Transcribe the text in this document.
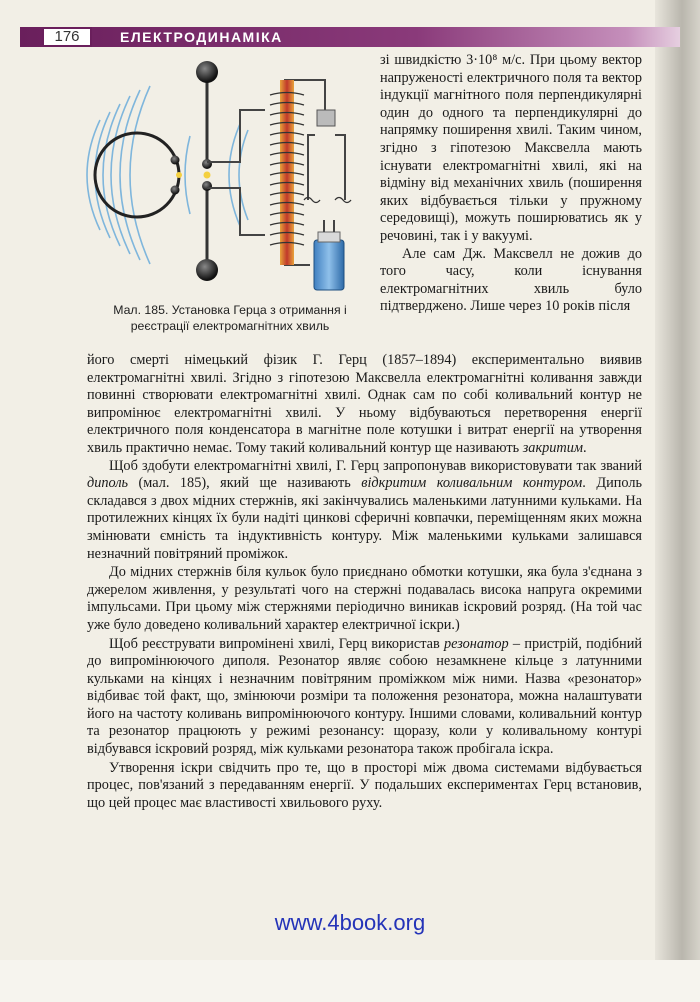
176	ЕЛЕКТРОДИНАМІКА
Мал. 185. Установка Герца з отримання і
реєстрації електромагнітних хвиль

зі швидкістю 3·10⁸ м/с. При цьому вектор напруженості електричного поля та вектор індукції магнітного поля перпендикулярні один до одного та перпендикулярні до напрямку поширення хвилі. Таким чином, згідно з гіпотезою Максвелла мають існувати електромагнітні хвилі, які на відміну від механічних хвиль (поширення яких відбувається тільки у пружному середовищі), можуть поширюватись як у речовині, так і у вакуумі.

Але сам Дж. Максвелл не дожив до того часу, коли існування електромагнітних хвиль було підтверджено. Лише через 10 років після

його смерті німецький фізик Г. Герц (1857–1894) експериментально виявив електромагнітні хвилі. Згідно з гіпотезою Максвелла електромагнітні коливання завжди повинні створювати електромагнітні хвилі. Однак сам по собі коливальний контур не випромінює електромагнітні хвилі. У ньому відбуваються перетворення енергії електричного поля конденсатора в магнітне поле котушки і витрат енергії на утворення хвиль практично немає. Тому такий коливальний контур ще називають закритим.

Щоб здобути електромагнітні хвилі, Г. Герц запропонував використовувати так званий диполь (мал. 185), який ще називають відкритим коливальним контуром. Диполь складався з двох мідних стержнів, які закінчувались маленькими латунними кульками. На протилежних кінцях їх були надіті цинкові сферичні ковпачки, переміщенням яких можна змінювати ємність та індуктивність контуру. Між маленькими кульками залишався незначний повітряний проміжок.

До мідних стержнів біля кульок було приєднано обмотки котушки, яка була з'єднана з джерелом живлення, у результаті чого на стержні подавалась висока напруга окремими імпульсами. При цьому між стержнями періодично виникав іскровий розряд. (На той час уже було доведено коливальний характер електричної іскри.)

Щоб реєструвати випромінені хвилі, Герц використав резонатор – пристрій, подібний до випромінюючого диполя. Резонатор являє собою незамкнене кільце з латунними кульками на кінцях і незначним повітряним проміжком між ними. Назва «резонатор» відбиває той факт, що, змінюючи розміри та положення резонатора, можна налаштувати його на частоту коливань випромінюючого контуру. Іншими словами, коливальний контур та резонатор працюють у режимі резонансу: щоразу, коли у коливальному контурі відбувався іскровий розряд, між кульками резонатора також пробігала іскра.

Утворення іскри свідчить про те, що в просторі між двома системами відбувається процес, пов'язаний з передаванням енергії. У подальших експериментах Герц встановив, що цей процес має властивості хвильового руху.

www.4book.org
